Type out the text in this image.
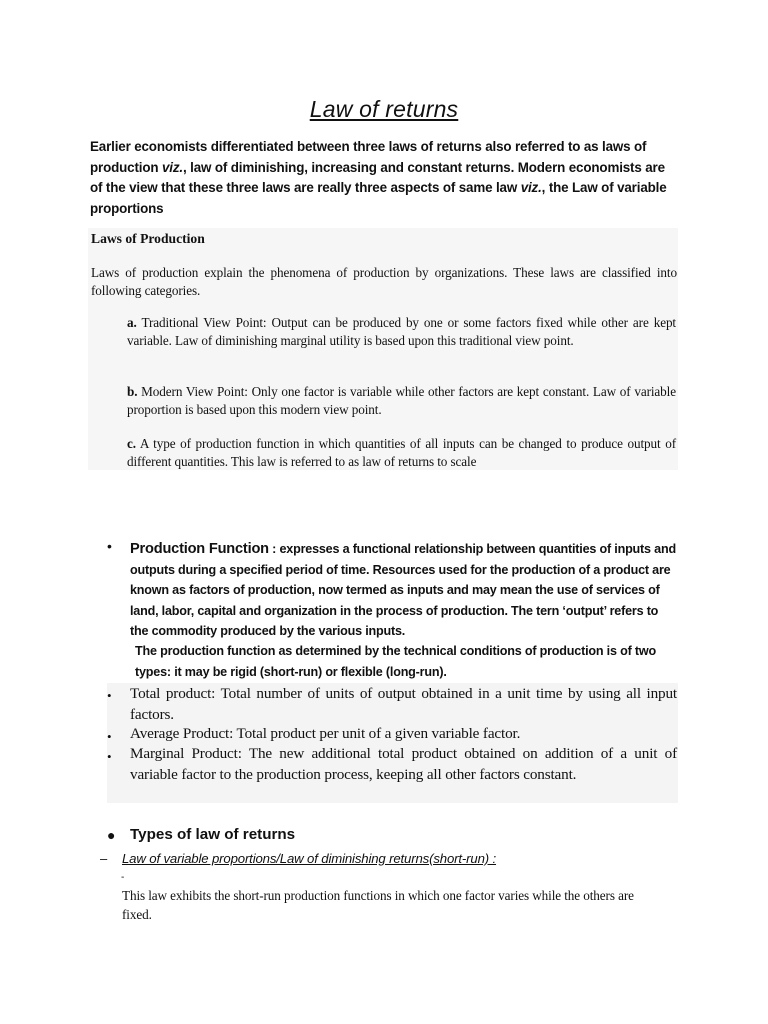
Law of returns
Earlier economists differentiated between three laws of returns also referred to as laws of production viz., law of diminishing, increasing and constant returns. Modern economists are of the view that these three laws are really three aspects of same law viz., the Law of variable proportions
Laws of Production
Laws of production explain the phenomena of production by organizations. These laws are classified into following categories.
a. Traditional View Point: Output can be produced by one or some factors fixed while other are kept variable. Law of diminishing marginal utility is based upon this traditional view point.
b. Modern View Point: Only one factor is variable while other factors are kept constant. Law of variable proportion is based upon this modern view point.
c. A type of production function in which quantities of all inputs can be changed to produce output of different quantities. This law is referred to as law of returns to scale
• Production Function : expresses a functional relationship between quantities of inputs and outputs during a specified period of time. Resources used for the production of a product are known as factors of production, now termed as inputs and may mean the use of services of land, labor, capital and organization in the process of production. The tern ‘output’ refers to the commodity produced by the various inputs.
The production function as determined by the technical conditions of production is of two types: it may be rigid (short-run) or flexible (long-run).
• Total product: Total number of units of output obtained in a unit time by using all input factors.
• Average Product: Total product per unit of a given variable factor.
• Marginal Product: The new additional total product obtained on addition of a unit of variable factor to the production process, keeping all other factors constant.
● Types of law of returns
– Law of variable proportions/Law of diminishing returns(short-run) :
-
This law exhibits the short-run production functions in which one factor varies while the others are fixed.
